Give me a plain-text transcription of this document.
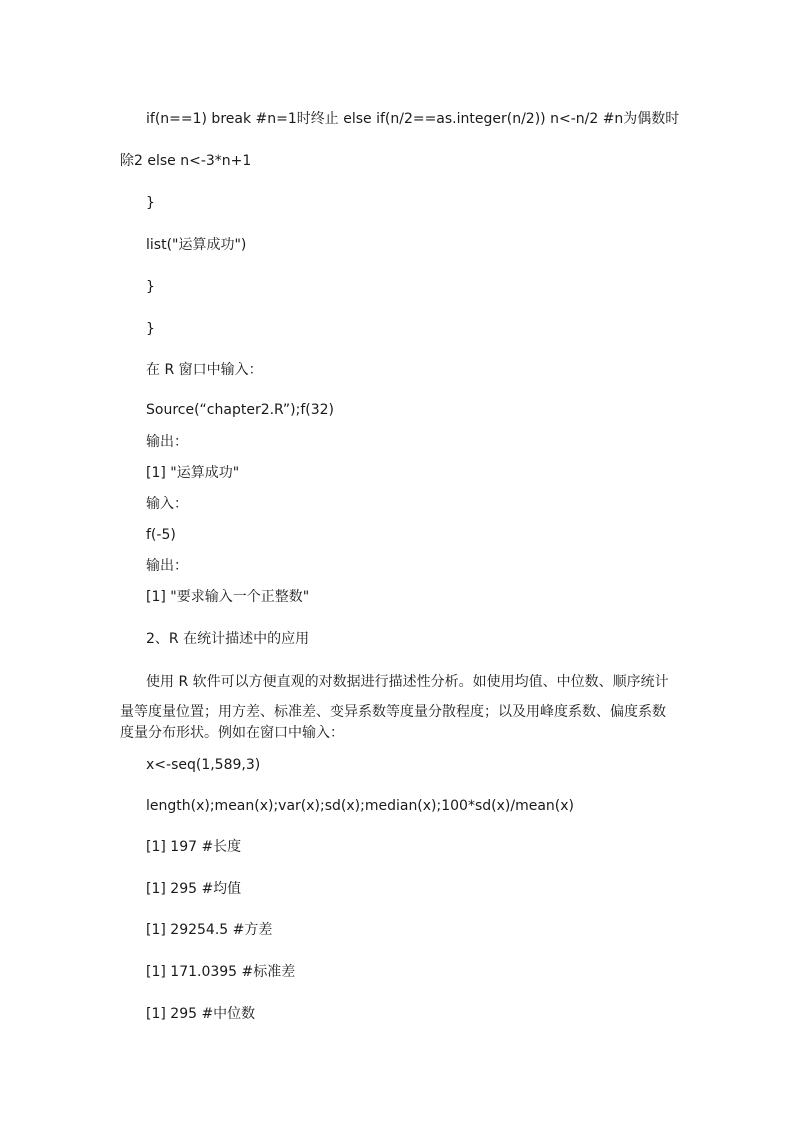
if(n==1) break #n=1时终止 else if(n/2==as.integer(n/2)) n<-n/2 #n为偶数时
除2 else n<-3*n+1
}
list("运算成功")
}
}
在 R 窗口中输入：
Source(“chapter2.R”);f(32)
输出：
[1] "运算成功"
输入：
f(-5)
输出：
[1] "要求输入一个正整数"
2、R 在统计描述中的应用
使用 R 软件可以方便直观的对数据进行描述性分析。如使用均值、中位数、顺序统计
量等度量位置；用方差、标准差、变异系数等度量分散程度；以及用峰度系数、偏度系数
度量分布形状。例如在窗口中输入：
x<-seq(1,589,3)
length(x);mean(x);var(x);sd(x);median(x);100*sd(x)/mean(x)
[1] 197 #长度
[1] 295 #均值
[1] 29254.5 #方差
[1] 171.0395 #标准差
[1] 295 #中位数
